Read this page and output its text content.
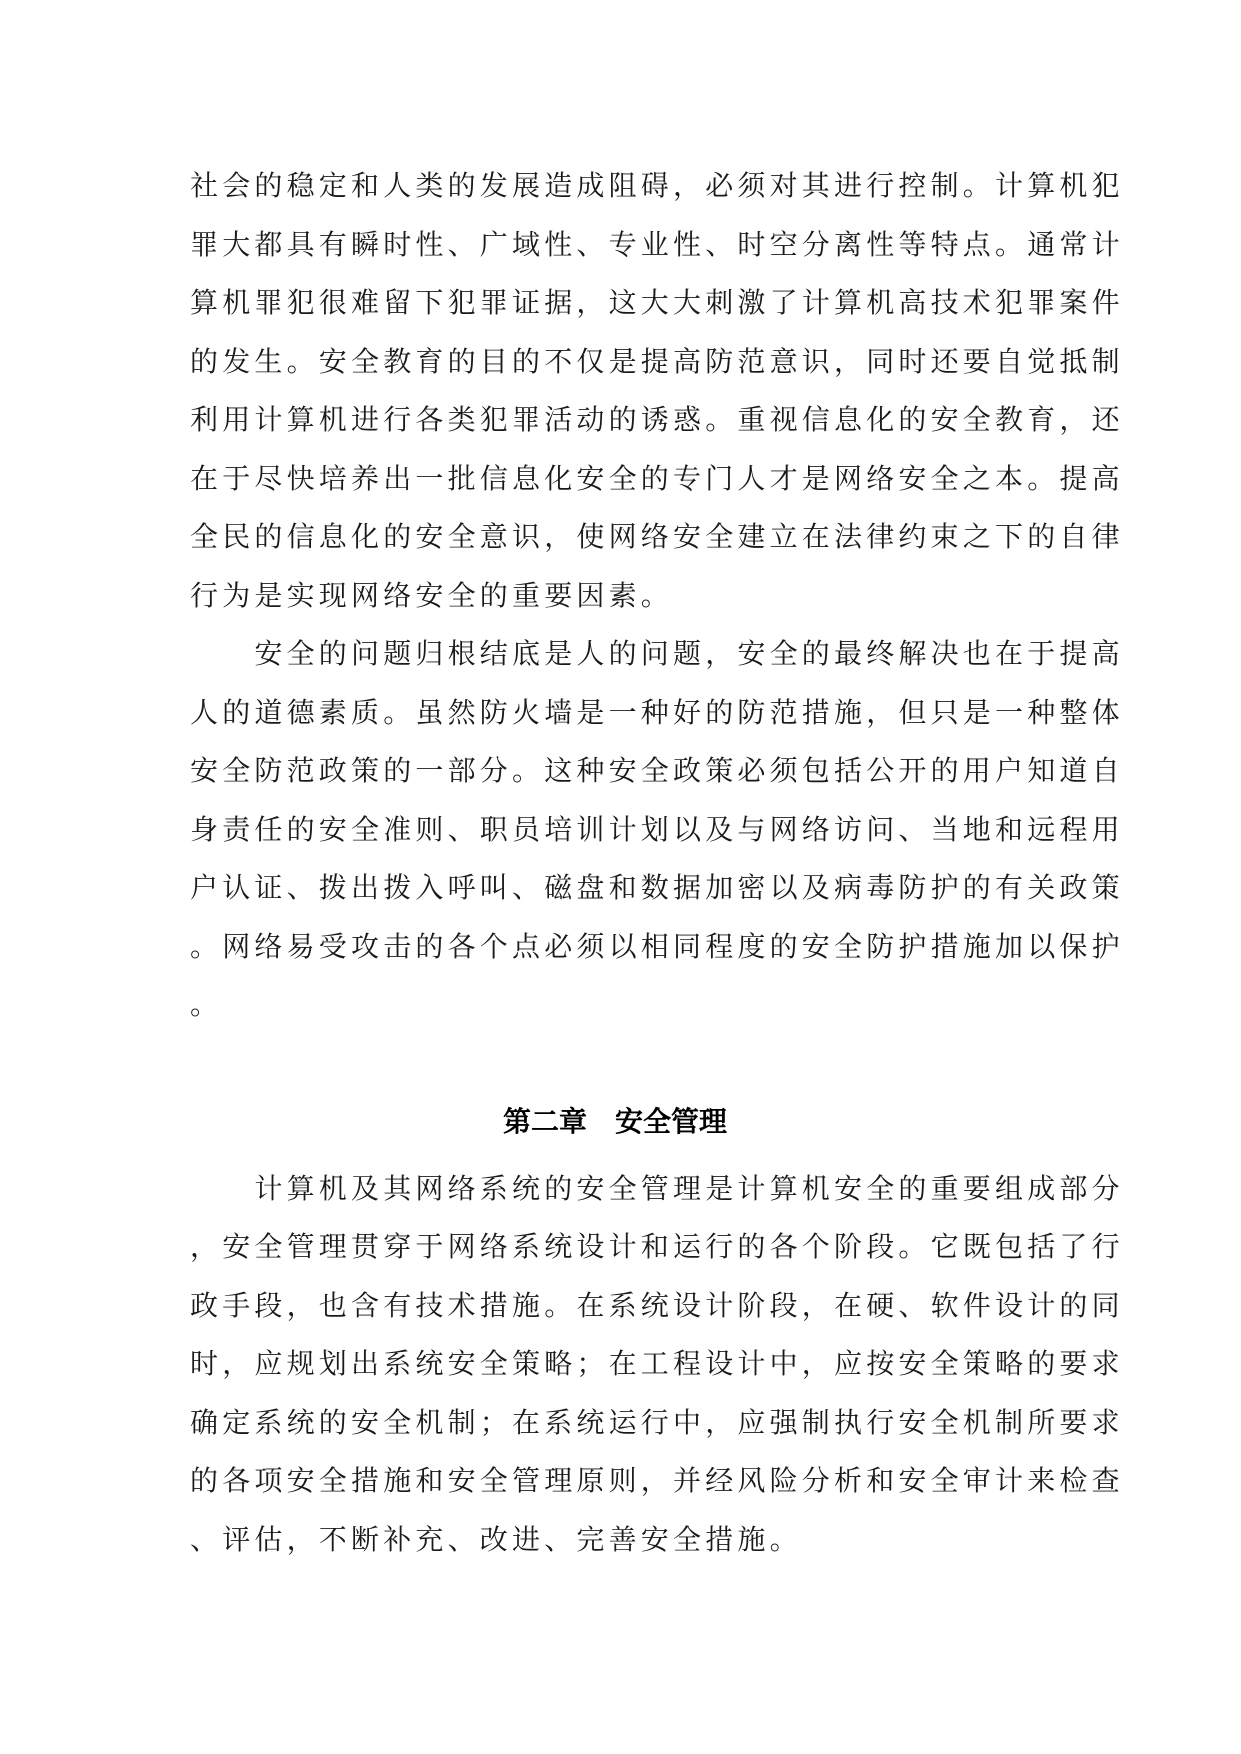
社会的稳定和人类的发展造成阻碍，必须对其进行控制。计算机犯
罪大都具有瞬时性、广域性、专业性、时空分离性等特点。通常计
算机罪犯很难留下犯罪证据，这大大刺激了计算机高技术犯罪案件
的发生。安全教育的目的不仅是提高防范意识，同时还要自觉抵制
利用计算机进行各类犯罪活动的诱惑。重视信息化的安全教育，还
在于尽快培养出一批信息化安全的专门人才是网络安全之本。提高
全民的信息化的安全意识，使网络安全建立在法律约束之下的自律
行为是实现网络安全的重要因素。
　　安全的问题归根结底是人的问题，安全的最终解决也在于提高
人的道德素质。虽然防火墙是一种好的防范措施，但只是一种整体
安全防范政策的一部分。这种安全政策必须包括公开的用户知道自
身责任的安全准则、职员培训计划以及与网络访问、当地和远程用
户认证、拨出拨入呼叫、磁盘和数据加密以及病毒防护的有关政策
。网络易受攻击的各个点必须以相同程度的安全防护措施加以保护
。
第二章　安全管理
　　计算机及其网络系统的安全管理是计算机安全的重要组成部分
，安全管理贯穿于网络系统设计和运行的各个阶段。它既包括了行
政手段，也含有技术措施。在系统设计阶段，在硬、软件设计的同
时，应规划出系统安全策略；在工程设计中，应按安全策略的要求
确定系统的安全机制；在系统运行中，应强制执行安全机制所要求
的各项安全措施和安全管理原则，并经风险分析和安全审计来检查
、评估，不断补充、改进、完善安全措施。
